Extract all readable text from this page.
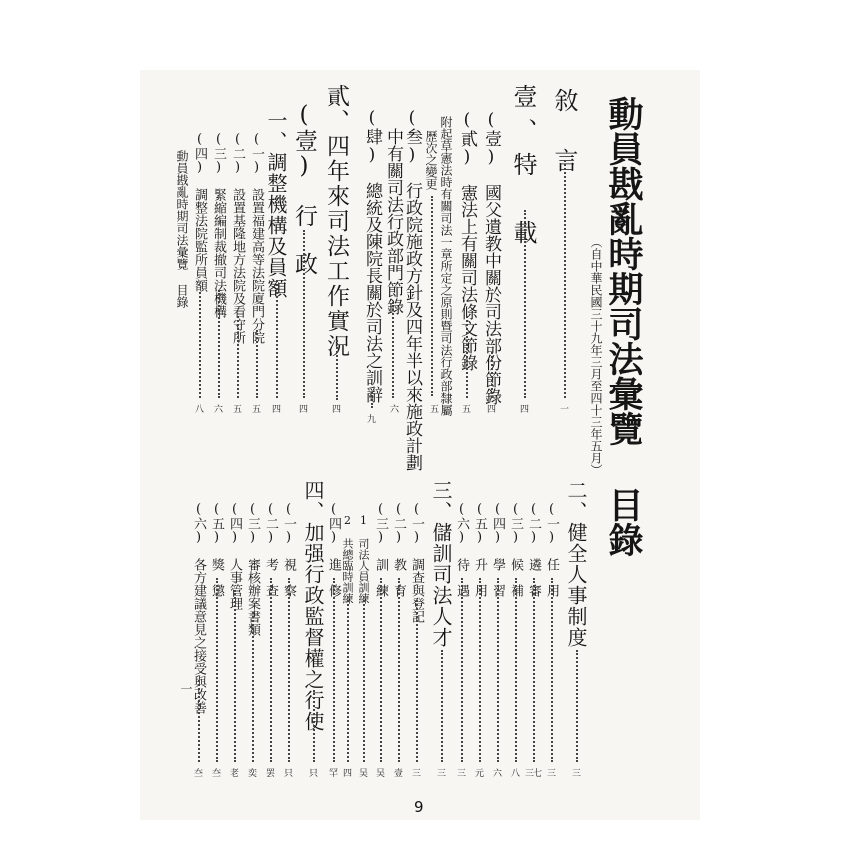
動員戡亂時期司法彙覽 目錄
（自中華民國三十九年三月至四十三年五月）
動員戡亂時期司法彙覽 目錄
敘　言
一
壹、特　載
四
(壹)　國父遺教中關於司法部份節錄
四
(貳)　憲法上有關司法條文節錄
五
附起草憲法時有關司法一章所定之原則暨司法行政部隸屬
五
歷次之變更
(叁)　行政院施政方針及四年半以來施政計劃
六
中有關司法行政部門節錄
(肆)　總統及陳院長關於司法之訓辭
九
貳、四年來司法工作實況
四
(壹)　行　政
四
一、調整機構及員額
四
(一)　設置福建高等法院廈門分院
五
(二)　設置基隆地方法院及看守所
五
(三)　緊縮編制裁撤司法機構
六
(四)　調整法院監所員額
八
二、健全人事制度
三
(一)　任　用
三
(二)　遴　審
三七
(三)　候　補
八
(四)　學　習
六
(五)　升　用
元
(六)　待　遇
三
三、儲訓司法人才
三
(一)　調查與登記
三
(二)　教　育
壹
(三)　訓　練
吴
1　司法人員訓練
吴
2　共總臨時訓練
四
(四)　進　修
罕
四、加强行政監督權之行使
只
(一)　視　察
只
(二)　考　查
罢
(三)　審核辦案書類
奕
(四)　人事管理
老
(五)　獎　懲
夳
(六)　各方建議意見之接受與改善
夳
一
9
